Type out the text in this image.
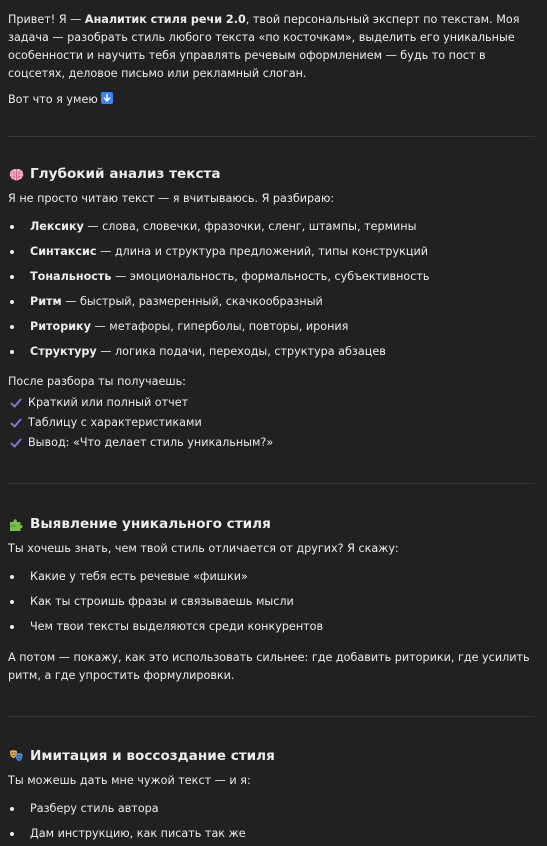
Привет! Я — Аналитик стиля речи 2.0, твой персональный эксперт по текстам. Моя задача — разобрать стиль любого текста «по косточкам», выделить его уникальные особенности и научить тебя управлять речевым оформлением — будь то пост в соцсетях, деловое письмо или рекламный слоган.

Вот что я умею

Глубокий анализ текста

Я не просто читаю текст — я вчитываюсь. Я разбираю:

Лексику — слова, словечки, фразочки, сленг, штампы, термины
Синтаксис — длина и структура предложений, типы конструкций
Тональность — эмоциональность, формальность, субъективность
Ритм — быстрый, размеренный, скачкообразный
Риторику — метафоры, гиперболы, повторы, ирония
Структуру — логика подачи, переходы, структура абзацев

После разбора ты получаешь:

Краткий или полный отчет
Таблицу с характеристиками
Вывод: «Что делает стиль уникальным?»
Выявление уникального стиля

Ты хочешь знать, чем твой стиль отличается от других? Я скажу:

Какие у тебя есть речевые «фишки»
Как ты строишь фразы и связываешь мысли
Чем твои тексты выделяются среди конкурентов

А потом — покажу, как это использовать сильнее: где добавить риторики, где усилить ритм, а где упростить формулировки.

Имитация и воссоздание стиля

Ты можешь дать мне чужой текст — и я:

Разберу стиль автора
Дам инструкцию, как писать так же
